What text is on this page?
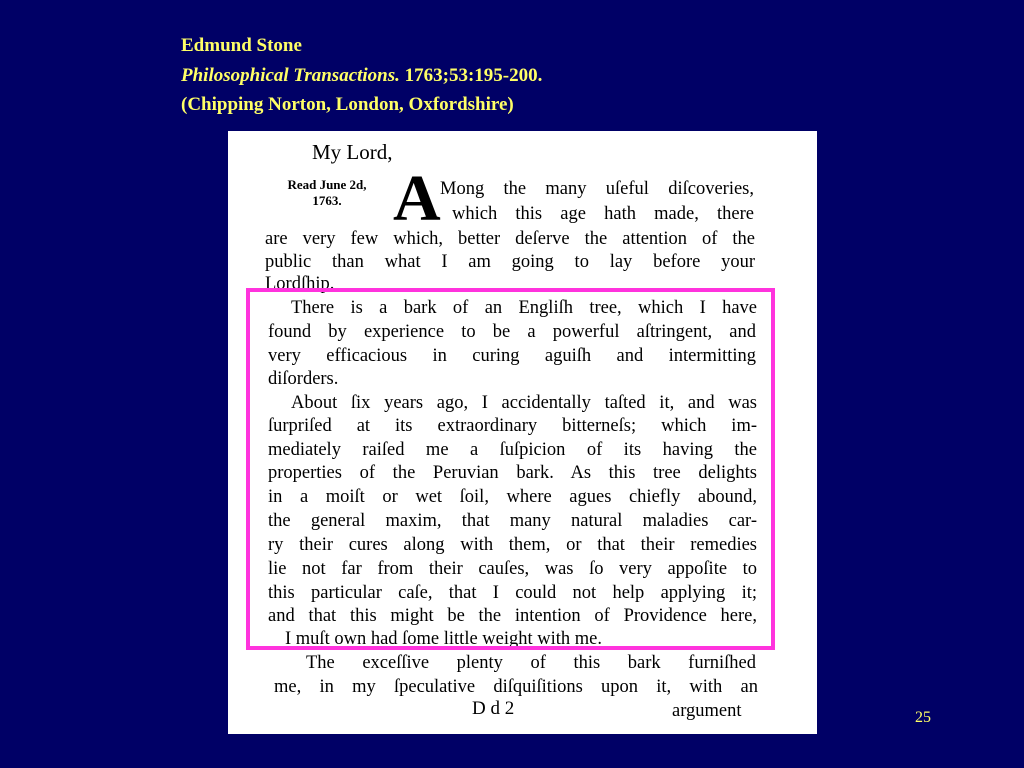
Edmund Stone
Philosophical Transactions. 1763;53:195-200.
(Chipping Norton, London, Oxfordshire)
My Lord,
Read June 2d,
1763. A Mong the many uſeful diſcoveries,
which this age hath made, there
are very few which, better deſerve the attention of the
public than what I am going to lay before your
Lordſhip.
There is a bark of an Engliſh tree, which I have
found by experience to be a powerful aſtringent, and
very efficacious in curing aguiſh and intermitting
diſorders.
About ſix years ago, I accidentally taſted it, and was
ſurpriſed at its extraordinary bitterneſs; which im-
mediately raiſed me a ſuſpicion of its having the
properties of the Peruvian bark. As this tree delights
in a moiſt or wet ſoil, where agues chiefly abound,
the general maxim, that many natural maladies car-
ry their cures along with them, or that their remedies
lie not far from their cauſes, was ſo very appoſite to
this particular caſe, that I could not help applying it;
and that this might be the intention of Providence here,
I muſt own had ſome little weight with me.
The exceſſive plenty of this bark furniſhed
me, in my ſpeculative diſquiſitions upon it, with an
D d 2	argument	25
